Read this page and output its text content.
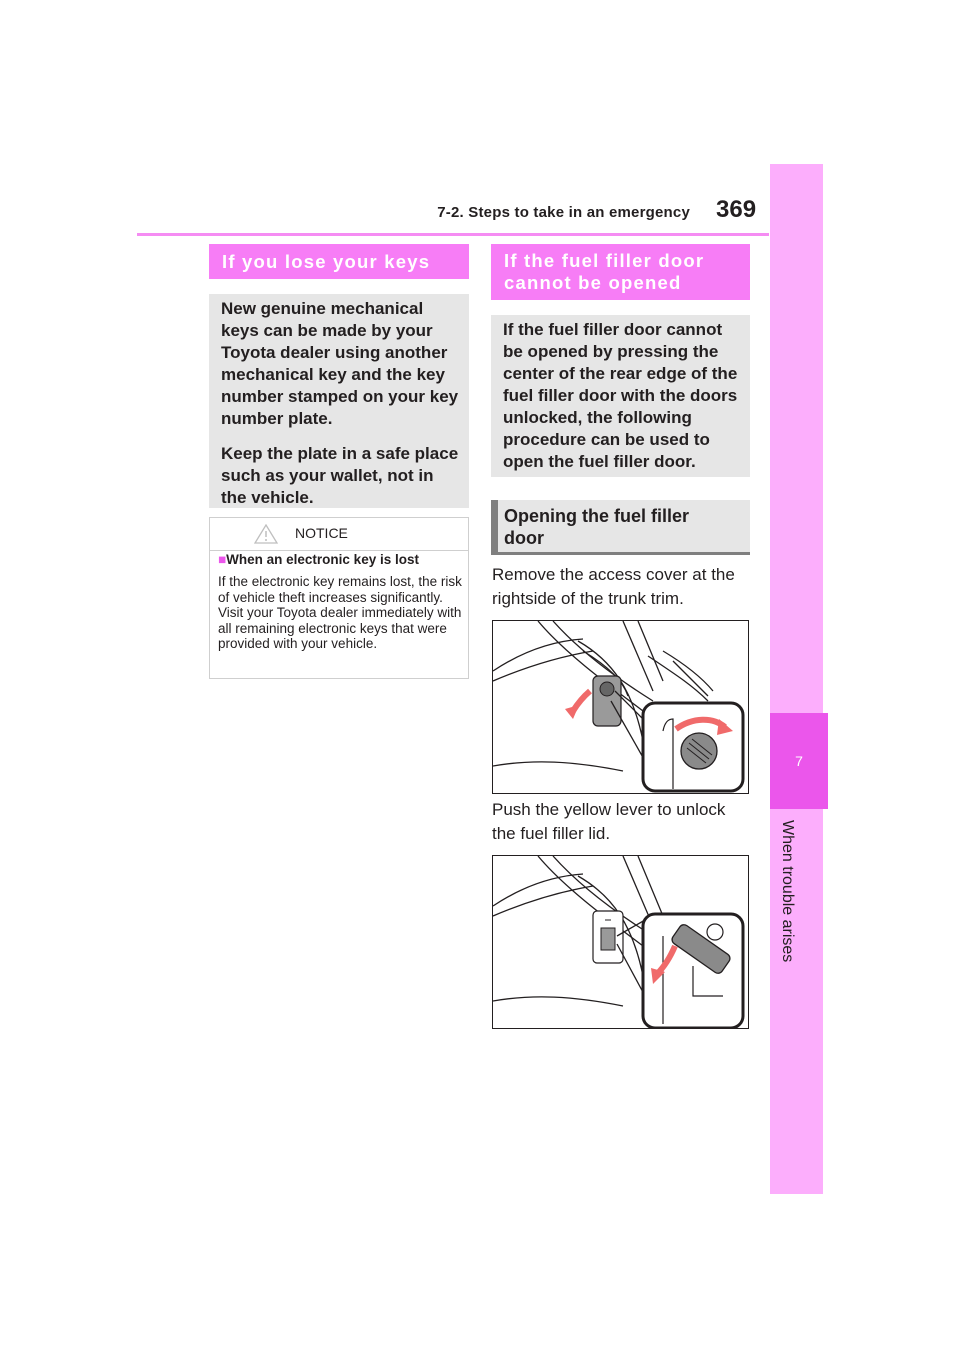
7-2. Steps to take in an emergency 369
7
When trouble arises
If you lose your keys

New genuine mechanical keys can be made by your Toyota dealer using another mechanical key and the key number stamped on your key number plate.

Keep the plate in a safe place such as your wallet, not in the vehicle.

NOTICE
■When an electronic key is lost
If the electronic key remains lost, the risk of vehicle theft increases significantly. Visit your Toyota dealer immediately with all remaining electronic keys that were provided with your vehicle.
If the fuel filler door
cannot be opened

If the fuel filler door cannot be opened by pressing the center of the rear edge of the fuel filler door with the doors unlocked, the following procedure can be used to open the fuel filler door.

Opening the fuel filler
door
Remove the access cover at the rightside of the trunk trim.
Push the yellow lever to unlock the fuel filler lid.
